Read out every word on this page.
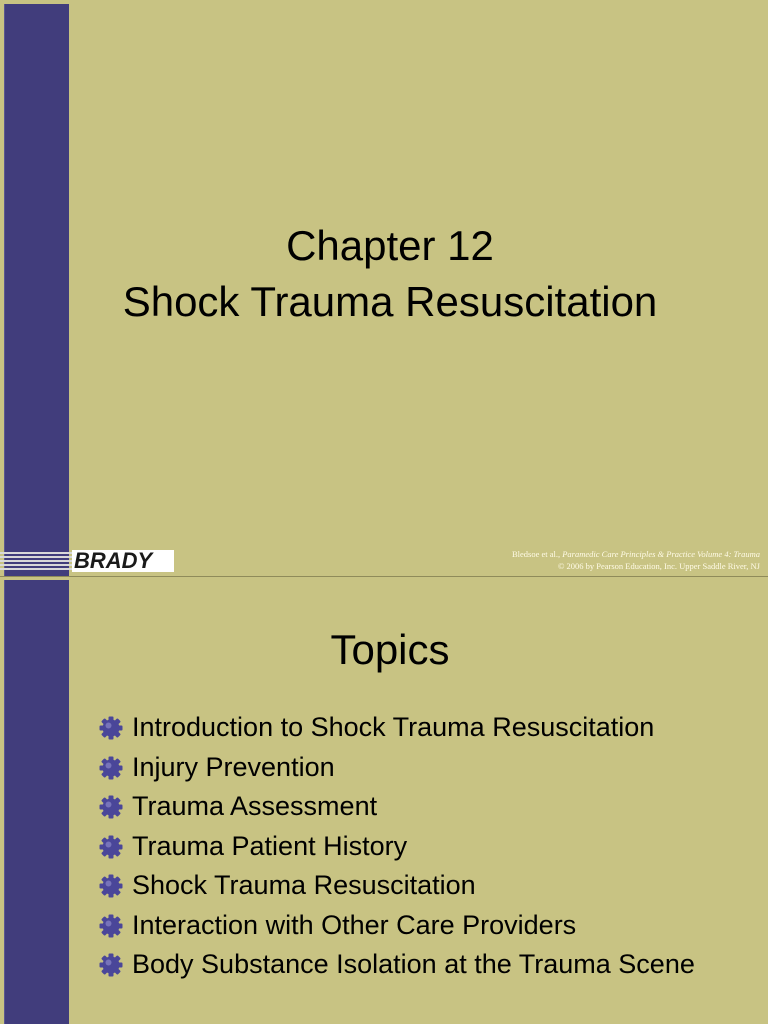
Chapter 12
Shock Trauma Resuscitation
BRADY	Bledsoe et al., Paramedic Care Principles & Practice Volume 4: Trauma
© 2006 by Pearson Education, Inc. Upper Saddle River, NJ
Topics
Introduction to Shock Trauma Resuscitation
Injury Prevention
Trauma Assessment
Trauma Patient History
Shock Trauma Resuscitation
Interaction with Other Care Providers
Body Substance Isolation at the Trauma Scene
